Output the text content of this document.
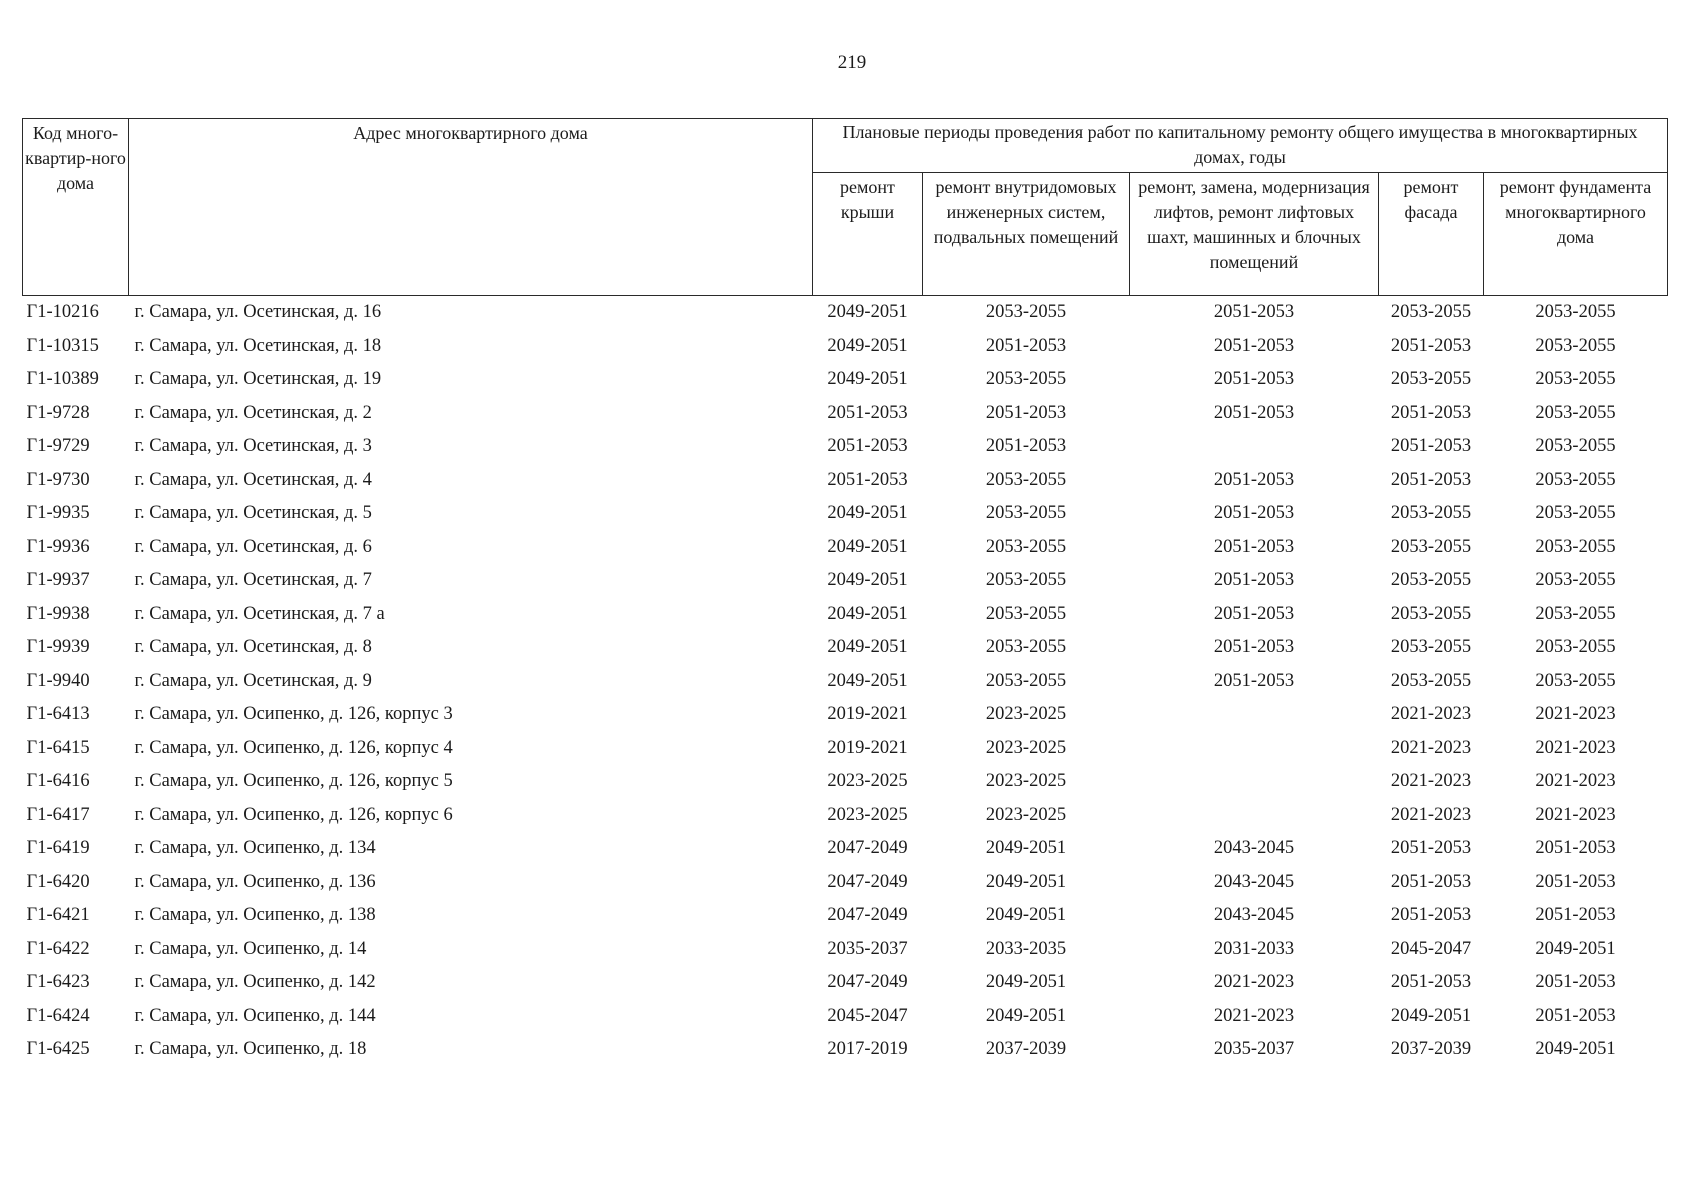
219
Код много-квартир-ного дома	Адрес многоквартирного дома	Плановые периоды проведения работ по капитальному ремонту общего имущества в многоквартирных домах, годы				
		ремонт крыши	ремонт внутридомовых инженерных систем, подвальных помещений	ремонт, замена, модернизация лифтов, ремонт лифтовых шахт, машинных и блочных помещений	ремонт фасада	ремонт фундамента многоквартирного дома
Г1-10216	г. Самара, ул. Осетинская, д. 16	2049-2051	2053-2055	2051-2053	2053-2055	2053-2055
Г1-10315	г. Самара, ул. Осетинская, д. 18	2049-2051	2051-2053	2051-2053	2051-2053	2053-2055
Г1-10389	г. Самара, ул. Осетинская, д. 19	2049-2051	2053-2055	2051-2053	2053-2055	2053-2055
Г1-9728	г. Самара, ул. Осетинская, д. 2	2051-2053	2051-2053	2051-2053	2051-2053	2053-2055
Г1-9729	г. Самара, ул. Осетинская, д. 3	2051-2053	2051-2053		2051-2053	2053-2055
Г1-9730	г. Самара, ул. Осетинская, д. 4	2051-2053	2053-2055	2051-2053	2051-2053	2053-2055
Г1-9935	г. Самара, ул. Осетинская, д. 5	2049-2051	2053-2055	2051-2053	2053-2055	2053-2055
Г1-9936	г. Самара, ул. Осетинская, д. 6	2049-2051	2053-2055	2051-2053	2053-2055	2053-2055
Г1-9937	г. Самара, ул. Осетинская, д. 7	2049-2051	2053-2055	2051-2053	2053-2055	2053-2055
Г1-9938	г. Самара, ул. Осетинская, д. 7 а	2049-2051	2053-2055	2051-2053	2053-2055	2053-2055
Г1-9939	г. Самара, ул. Осетинская, д. 8	2049-2051	2053-2055	2051-2053	2053-2055	2053-2055
Г1-9940	г. Самара, ул. Осетинская, д. 9	2049-2051	2053-2055	2051-2053	2053-2055	2053-2055
Г1-6413	г. Самара, ул. Осипенко, д. 126, корпус 3	2019-2021	2023-2025		2021-2023	2021-2023
Г1-6415	г. Самара, ул. Осипенко, д. 126, корпус 4	2019-2021	2023-2025		2021-2023	2021-2023
Г1-6416	г. Самара, ул. Осипенко, д. 126, корпус 5	2023-2025	2023-2025		2021-2023	2021-2023
Г1-6417	г. Самара, ул. Осипенко, д. 126, корпус 6	2023-2025	2023-2025		2021-2023	2021-2023
Г1-6419	г. Самара, ул. Осипенко, д. 134	2047-2049	2049-2051	2043-2045	2051-2053	2051-2053
Г1-6420	г. Самара, ул. Осипенко, д. 136	2047-2049	2049-2051	2043-2045	2051-2053	2051-2053
Г1-6421	г. Самара, ул. Осипенко, д. 138	2047-2049	2049-2051	2043-2045	2051-2053	2051-2053
Г1-6422	г. Самара, ул. Осипенко, д. 14	2035-2037	2033-2035	2031-2033	2045-2047	2049-2051
Г1-6423	г. Самара, ул. Осипенко, д. 142	2047-2049	2049-2051	2021-2023	2051-2053	2051-2053
Г1-6424	г. Самара, ул. Осипенко, д. 144	2045-2047	2049-2051	2021-2023	2049-2051	2051-2053
Г1-6425	г. Самара, ул. Осипенко, д. 18	2017-2019	2037-2039	2035-2037	2037-2039	2049-2051
